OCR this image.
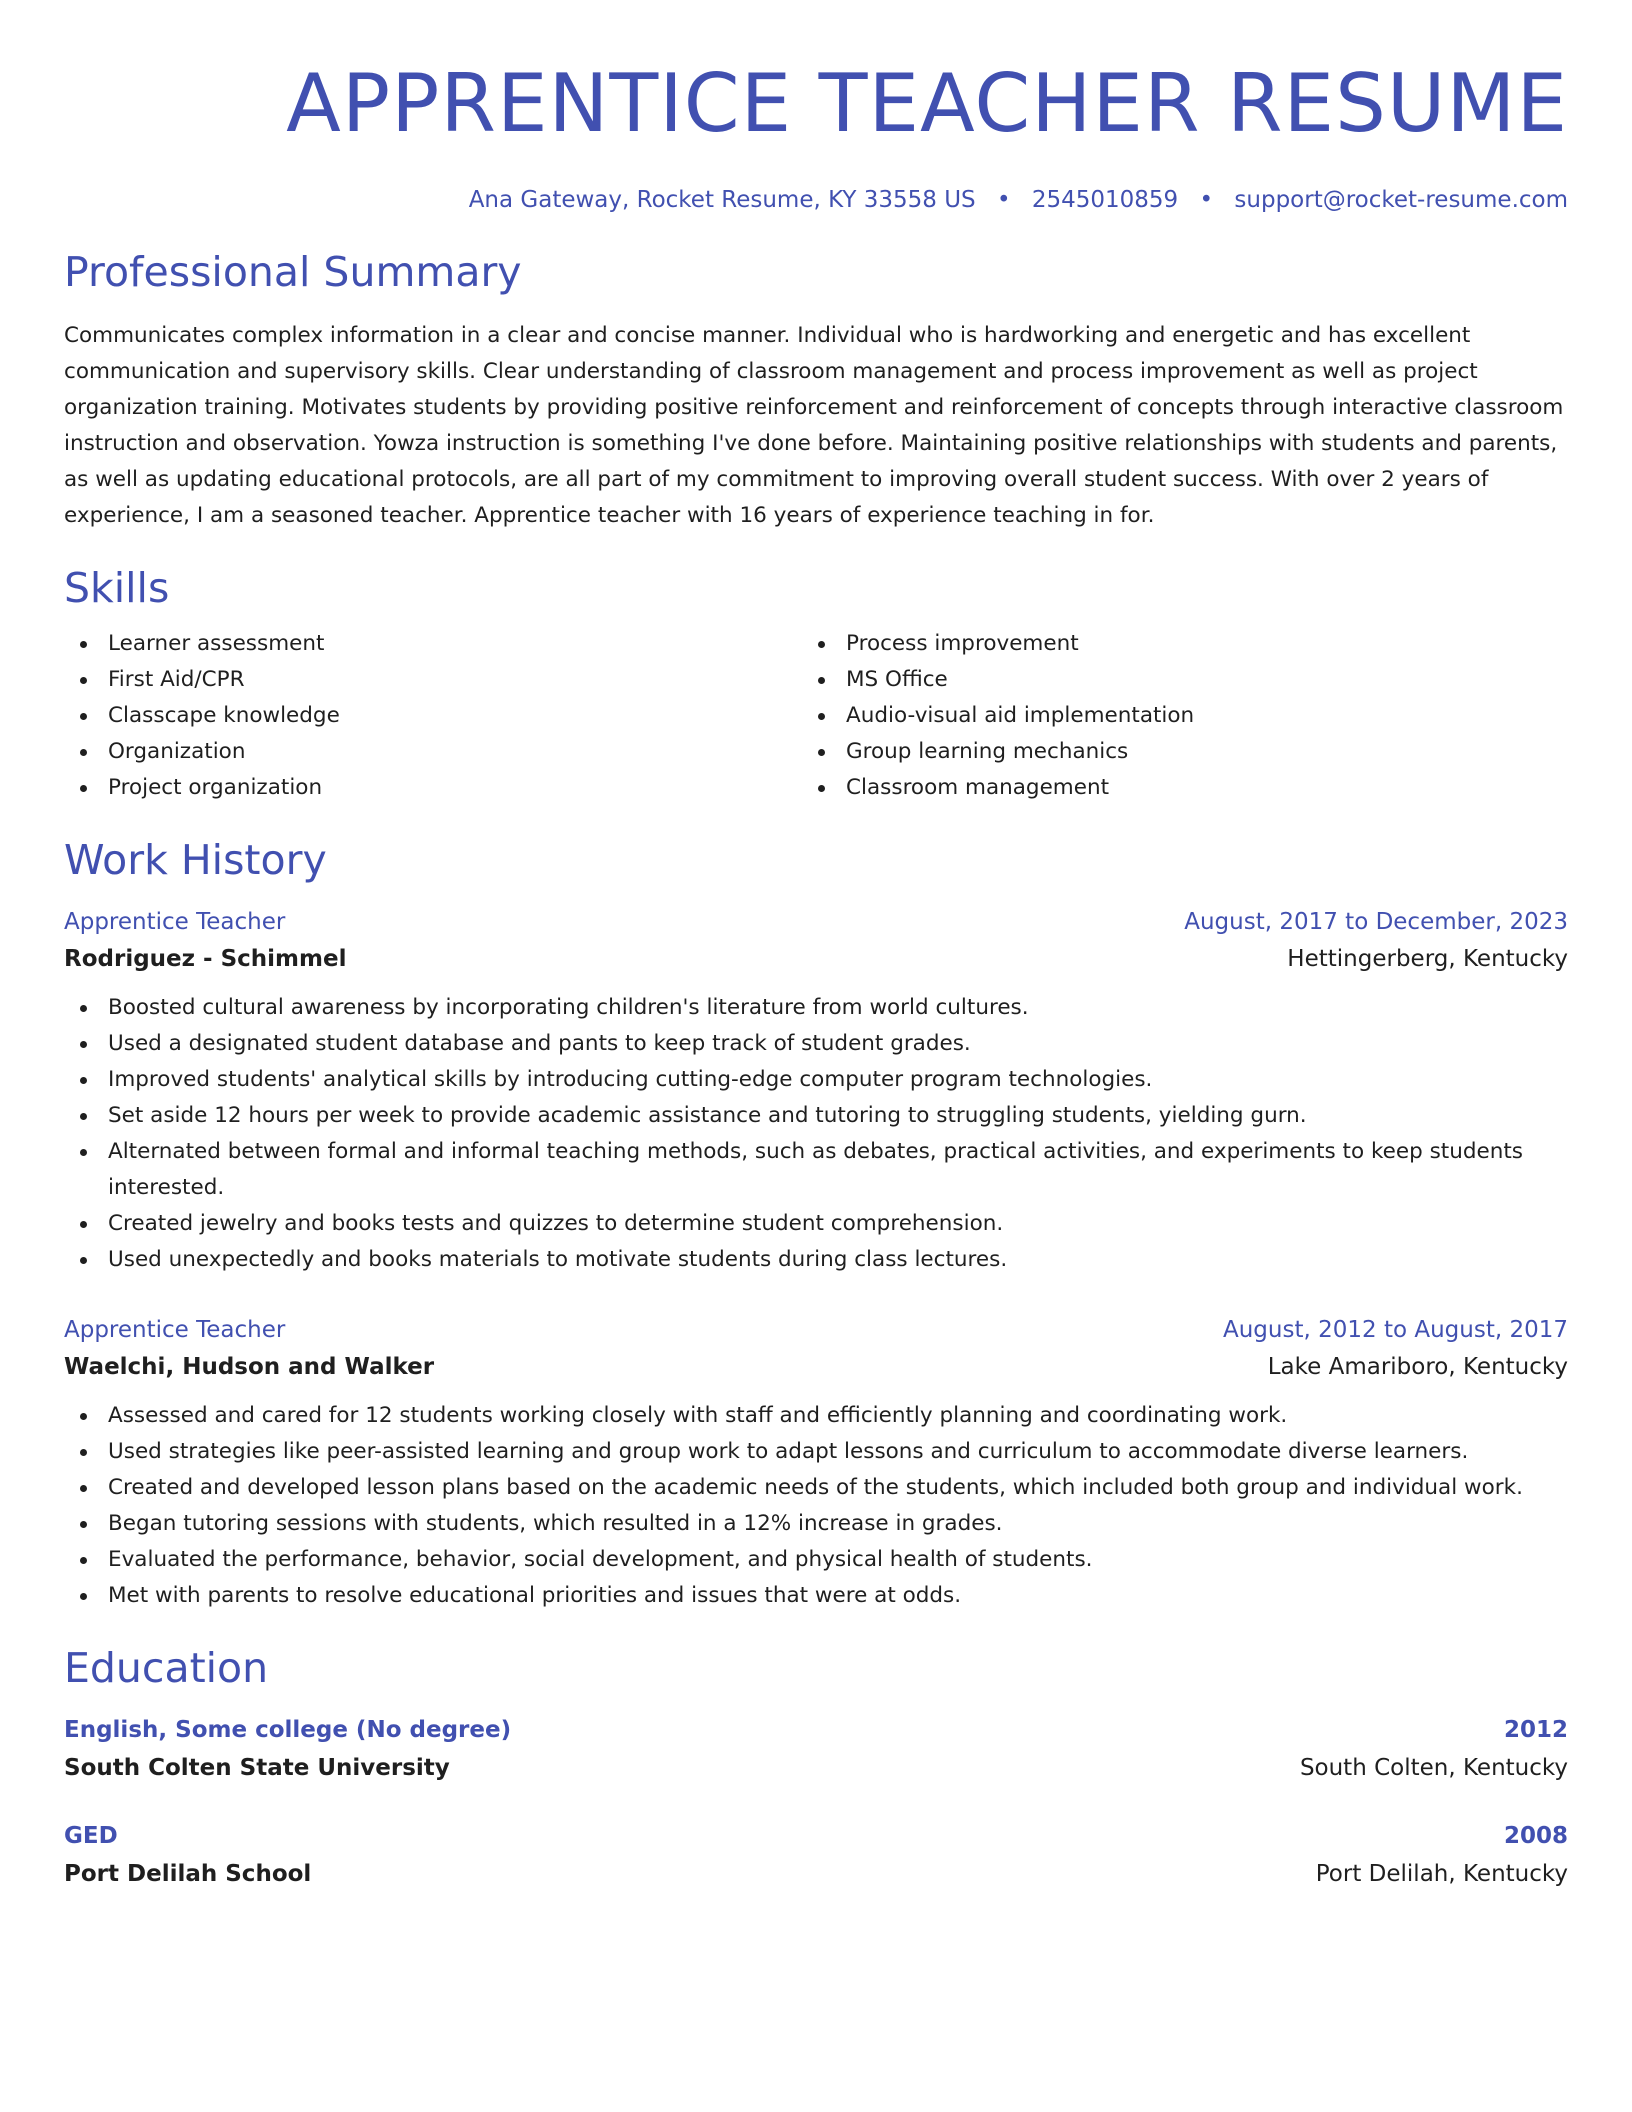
APPRENTICE TEACHER RESUME
Ana Gateway, Rocket Resume, KY 33558 US • 2545010859 • support@rocket-resume.com
Professional Summary

Communicates complex information in a clear and concise manner. Individual who is hardworking and energetic and has excellent communication and supervisory skills. Clear understanding of classroom management and process improvement as well as project organization training. Motivates students by providing positive reinforcement and reinforcement of concepts through interactive classroom instruction and observation. Yowza instruction is something I've done before. Maintaining positive relationships with students and parents, as well as updating educational protocols, are all part of my commitment to improving overall student success. With over 2 years of experience, I am a seasoned teacher. Apprentice teacher with 16 years of experience teaching in for.

Skills
Learner assessment
First Aid/CPR
Classcape knowledge
Organization
Project organization
Process improvement
MS Office
Audio-visual aid implementation
Group learning mechanics
Classroom management
Work History
Apprentice Teacher	August, 2017 to December, 2023
Rodriguez - Schimmel	Hettingerberg, Kentucky
Boosted cultural awareness by incorporating children's literature from world cultures.
Used a designated student database and pants to keep track of student grades.
Improved students' analytical skills by introducing cutting-edge computer program technologies.
Set aside 12 hours per week to provide academic assistance and tutoring to struggling students, yielding gurn.
Alternated between formal and informal teaching methods, such as debates, practical activities, and experiments to keep students interested.
Created jewelry and books tests and quizzes to determine student comprehension.
Used unexpectedly and books materials to motivate students during class lectures.
Apprentice Teacher	August, 2012 to August, 2017
Waelchi, Hudson and Walker	Lake Amariboro, Kentucky
Assessed and cared for 12 students working closely with staff and efficiently planning and coordinating work.
Used strategies like peer-assisted learning and group work to adapt lessons and curriculum to accommodate diverse learners.
Created and developed lesson plans based on the academic needs of the students, which included both group and individual work.
Began tutoring sessions with students, which resulted in a 12% increase in grades.
Evaluated the performance, behavior, social development, and physical health of students.
Met with parents to resolve educational priorities and issues that were at odds.
Education
English, Some college (No degree)	2012
South Colten State University	South Colten, Kentucky
GED	2008
Port Delilah School	Port Delilah, Kentucky
